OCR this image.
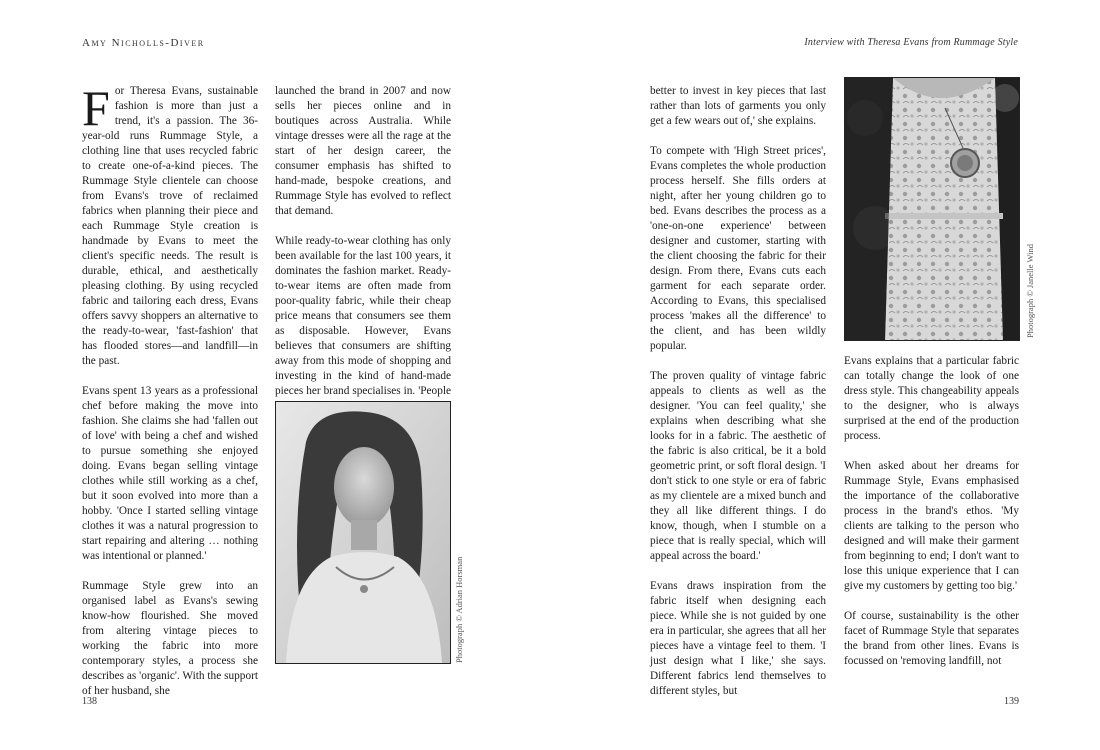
Amy Nicholls-Diver	Interview with Theresa Evans from Rummage Style

For Theresa Evans, sustainable fashion is more than just a trend, it's a passion. The 36-year-old runs Rummage Style, a clothing line that uses recycled fabric to create one-of-a-kind pieces. The Rummage Style clientele can choose from Evans's trove of reclaimed fabrics when planning their piece and each Rummage Style creation is handmade by Evans to meet the client's specific needs. The result is durable, ethical, and aesthetically pleasing clothing. By using recycled fabric and tailoring each dress, Evans offers savvy shoppers an alternative to the ready-to-wear, 'fast-fashion' that has flooded stores—and landfill—in the past.

Evans spent 13 years as a professional chef before making the move into fashion. She claims she had 'fallen out of love' with being a chef and wished to pursue something she enjoyed doing. Evans began selling vintage clothes while still working as a chef, but it soon evolved into more than a hobby. 'Once I started selling vintage clothes it was a natural progression to start repairing and altering … nothing was intentional or planned.'

Rummage Style grew into an organised label as Evans's sewing know-how flourished. She moved from altering vintage pieces to working the fabric into more contemporary styles, a process she describes as 'organic'. With the support of her husband, she

launched the brand in 2007 and now sells her pieces online and in boutiques across Australia. While vintage dresses were all the rage at the start of her design career, the consumer emphasis has shifted to hand-made, bespoke creations, and Rummage Style has evolved to reflect that demand.

While ready-to-wear clothing has only been available for the last 100 years, it dominates the fashion market. Ready-to-wear items are often made from poor-quality fabric, while their cheap price means that consumers see them as disposable. However, Evans believes that consumers are shifting away from this mode of shopping and investing in the kind of hand-made pieces her brand specialises in. 'People

Photograph © Adrian Horsman

better to invest in key pieces that last rather than lots of garments you only get a few wears out of,' she explains.

To compete with 'High Street prices', Evans completes the whole production process herself. She fills orders at night, after her young children go to bed. Evans describes the process as a 'one-on-one experience' between designer and customer, starting with the client choosing the fabric for their design. From there, Evans cuts each garment for each separate order. According to Evans, this specialised process 'makes all the difference' to the client, and has been wildly popular.

The proven quality of vintage fabric appeals to clients as well as the designer. 'You can feel quality,' she explains when describing what she looks for in a fabric. The aesthetic of the fabric is also critical, be it a bold geometric print, or soft floral design. 'I don't stick to one style or era of fabric as my clientele are a mixed bunch and they all like different things. I do know, though, when I stumble on a piece that is really special, which will appeal across the board.'

Evans draws inspiration from the fabric itself when designing each piece. While she is not guided by one era in particular, she agrees that all her pieces have a vintage feel to them. 'I just design what I like,' she says. Different fabrics lend themselves to different styles, but

Photograph © Janelle Wind

Evans explains that a particular fabric can totally change the look of one dress style. This changeability appeals to the designer, who is always surprised at the end of the production process.

When asked about her dreams for Rummage Style, Evans emphasised the importance of the collaborative process in the brand's ethos. 'My clients are talking to the person who designed and will make their garment from beginning to end; I don't want to lose this unique experience that I can give my customers by getting too big.'

Of course, sustainability is the other facet of Rummage Style that separates the brand from other lines. Evans is focussed on 'removing landfill, not

138	139
